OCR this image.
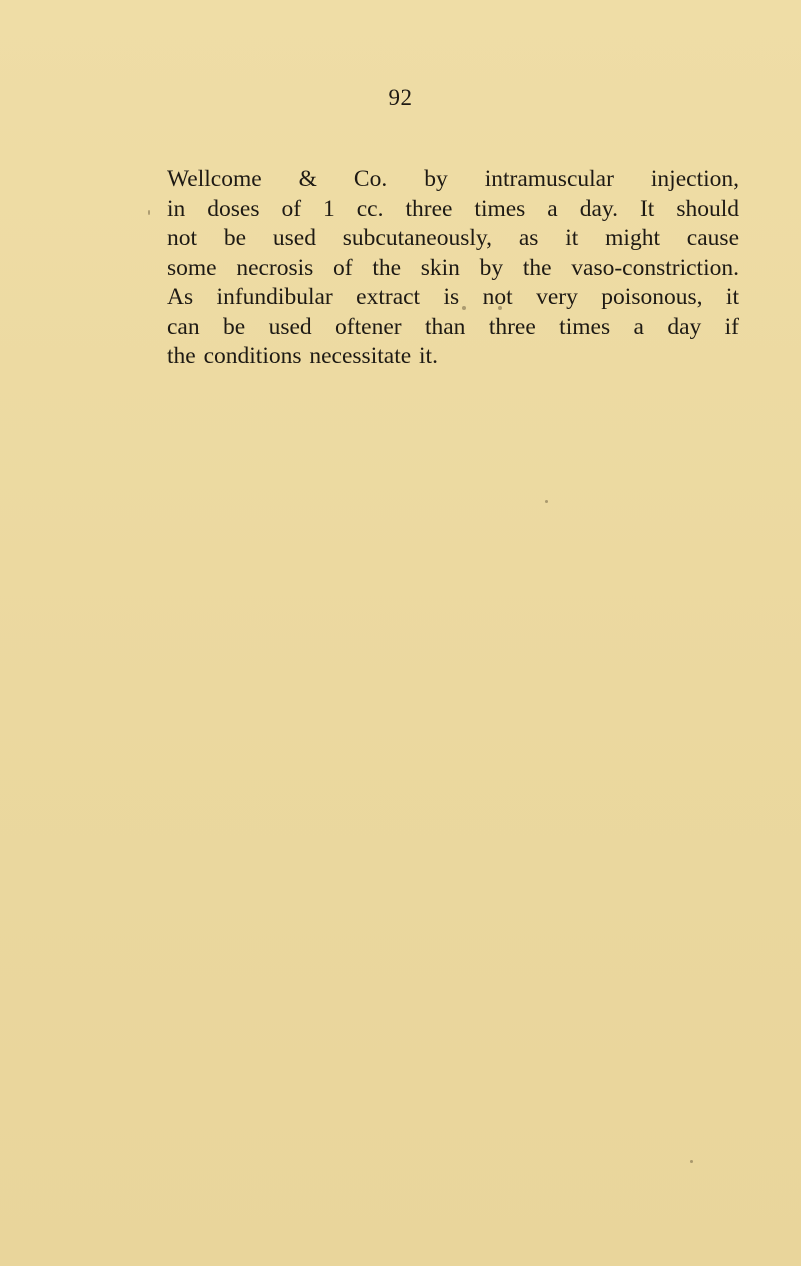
92
Wellcome & Co. by intramuscular injection,
in doses of 1 cc. three times a day. It should
not be used subcutaneously, as it might cause
some necrosis of the skin by the vaso-constriction.
As infundibular extract is not very poisonous, it
can be used oftener than three times a day if
the conditions necessitate it.
